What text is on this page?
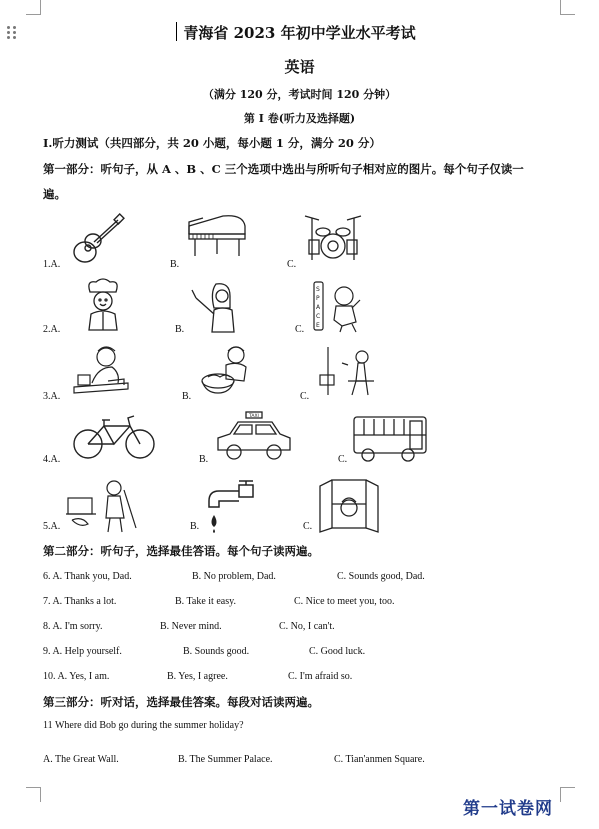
青海省 2023 年初中学业水平考试
英语
（满分 120 分，考试时间 120 分钟）
第 I 卷(听力及选择题)
I.听力测试（共四部分，共 20 小题，每小题 1 分，满分 20 分）
第一部分：听句子，从 A 、B 、C 三个选项中选出与所听句子相对应的图片。每个句子仅读一
遍。
1.A.	B.	C.
2.A.	B.	C.
S
P
A
C
E
3.A.	B.	C.
4.A.	B.	C.
TAXI
5.A.	B.	C.
第二部分：听句子，选择最佳答语。每个句子读两遍。
6. A. Thank you, Dad.	B. No problem, Dad.	C. Sounds good, Dad.
7. A. Thanks a lot.	B. Take it easy.	C. Nice to meet you, too.
8. A. I'm sorry.	B. Never mind.	C. No, I can't.
9. A. Help yourself.	B. Sounds good.	C. Good luck.
10. A. Yes, I am.	B. Yes, I agree.	C. I'm afraid so.
第三部分：听对话，选择最佳答案。每段对话读两遍。
11 Where did Bob go during the summer holiday?
A. The Great Wall.	B. The Summer Palace.	C. Tian'anmen Square.
第一试卷网
